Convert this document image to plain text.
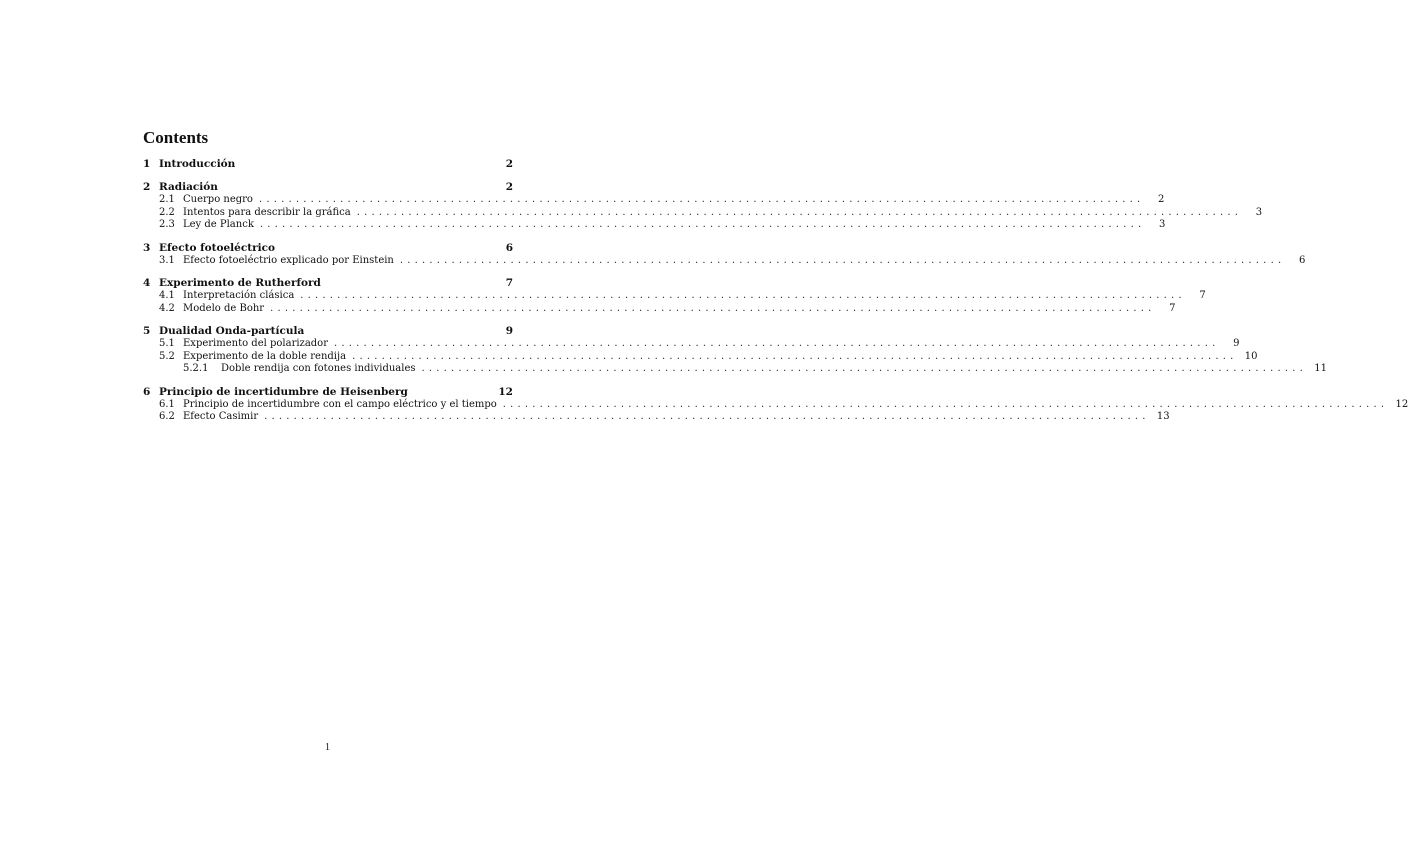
Contents
1 Introducción	2
2 Radiación	2
2.1 Cuerpo negro ........................................................................................................................	2
2.2 Intentos para describir la gráfica ........................................................................................................................	3
2.3 Ley de Planck ........................................................................................................................	3
3 Efecto fotoeléctrico	6
3.1 Efecto fotoeléctrio explicado por Einstein ........................................................................................................................	6
4 Experimento de Rutherford	7
4.1 Interpretación clásica ........................................................................................................................	7
4.2 Modelo de Bohr ........................................................................................................................	7
5 Dualidad Onda-partícula	9
5.1 Experimento del polarizador ........................................................................................................................	9
5.2 Experimento de la doble rendija ........................................................................................................................ 10
5.2.1	Doble rendija con fotones individuales ........................................................................................................................ 11
6 Principio de incertidumbre de Heisenberg	12
6.1 Principio de incertidumbre con el campo eléctrico y el tiempo ........................................................................................................................ 12
6.2 Efecto Casimir ........................................................................................................................ 13
1
